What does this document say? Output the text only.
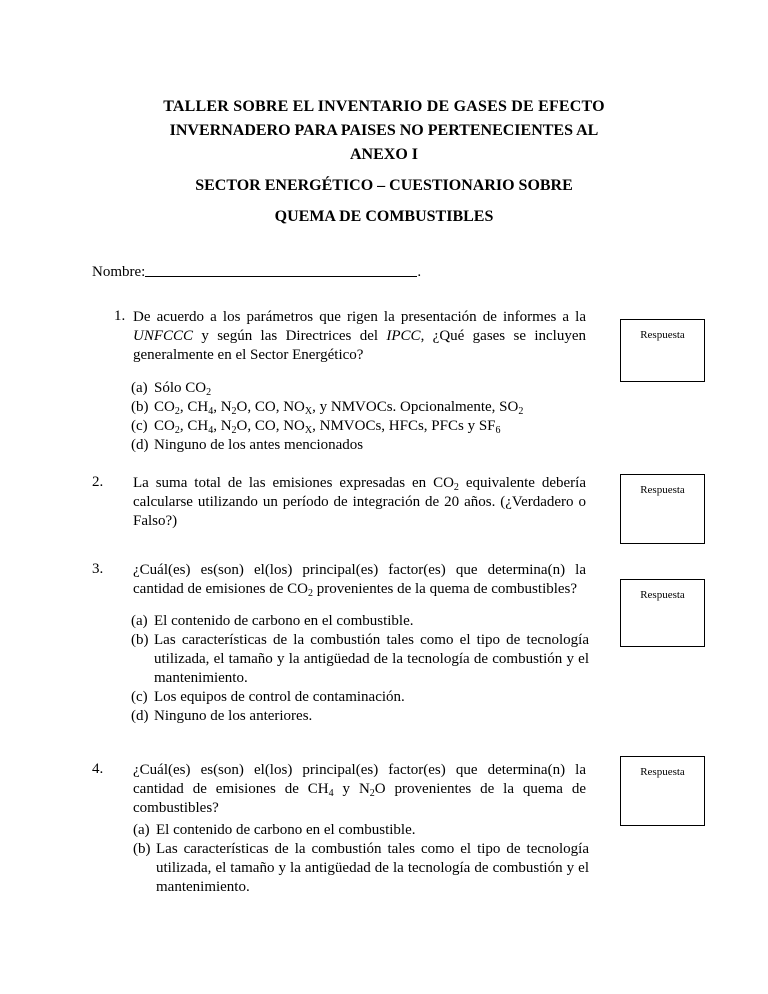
TALLER SOBRE EL INVENTARIO DE GASES DE EFECTO
INVERNADERO PARA PAISES NO PERTENECIENTES AL
ANEXO I
SECTOR ENERGÉTICO – CUESTIONARIO SOBRE
QUEMA DE COMBUSTIBLES
Nombre:	.
1. De acuerdo a los parámetros que rigen la presentación de informes a la UNFCCC y según las Directrices del IPCC, ¿Qué gases se incluyen generalmente en el Sector Energético?
Respuesta
(a) Sólo $CO_2$
(b) $CO_2$, $CH_4$, $N_2O$, CO, $NO_X$, y NMVOCs. Opcionalmente, $SO_2$
(c) $CO_2$, $CH_4$, $N_2O$, CO, $NO_X$, NMVOCs, HFCs, PFCs y $SF_6$
(d) Ninguno de los antes mencionados
2. La suma total de las emisiones expresadas en $CO_2$ equivalente debería calcularse utilizando un período de integración de 20 años. (¿Verdadero o Falso?)
Respuesta
3. ¿Cuál(es) es(son) el(los) principal(es) factor(es) que determina(n) la cantidad de emisiones de $CO_2$ provenientes de la quema de combustibles?	Respuesta
(a) El contenido de carbono en el combustible.
(b) Las características de la combustión tales como el tipo de tecnología utilizada, el tamaño y la antigüedad de la tecnología de combustión y el mantenimiento.
(c) Los equipos de control de contaminación.
(d) Ninguno de los anteriores.
4. ¿Cuál(es) es(son) el(los) principal(es) factor(es) que determina(n) la cantidad de emisiones de $CH_4$ y $N_2O$ provenientes de la quema de combustibles?
Respuesta
(a) El contenido de carbono en el combustible.
(b) Las características de la combustión tales como el tipo de tecnología utilizada, el tamaño y la antigüedad de la tecnología de combustión y el mantenimiento.
